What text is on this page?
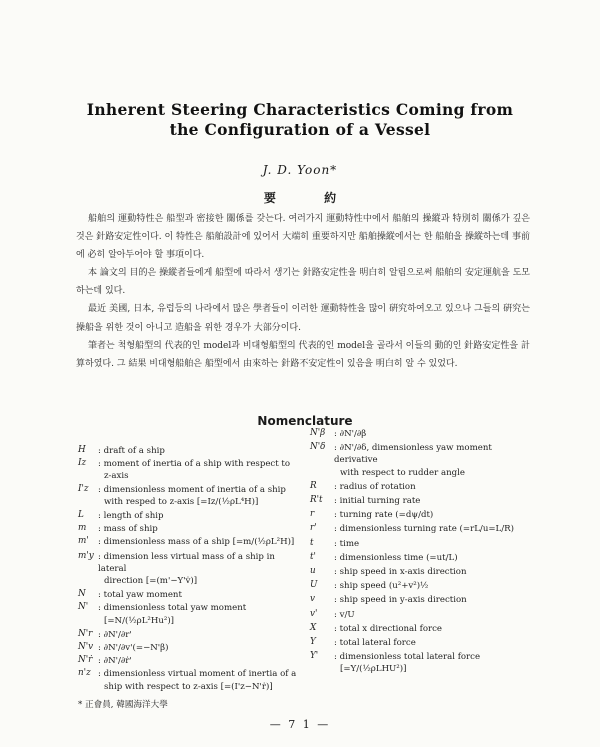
Inherent Steering Characteristics Coming from
the Configuration of a Vessel
J. D. Yoon*
要 約

船舶의 運動特性은 船型과 密接한 關係를 갖는다. 여러가지 運動特性中에서 船舶의 操縱과 特別히 關係가 깊은 것은 針路安定性이다. 이 特性은 船舶設計에 있어서 大端히 重要하지만 船舶操縱에서는 한 船舶을 操縱하는데 事前에 必히 알아두어야 할 事項이다.

本 論文의 目的은 操縱者들에게 船型에 따라서 생기는 針路安定性을 明白히 알림으로써 船舶의 安定運航을 도모하는데 있다.

最近 美國, 日本, 유럽등의 나라에서 많은 學者들이 이러한 運動特性을 많이 硏究하여오고 있으나 그들의 硏究는 操船을 위한 것이 아니고 造船을 위한 경우가 大部分이다.

筆者는 척형船型의 代表的인 model과 비대형船型의 代表的인 model을 골라서 이들의 動的인 針路安定性을 計算하였다. 그 結果 비대형船舶은 船型에서 由來하는 針路不安定性이 있음을 明白히 알 수 있었다.

Nomenclature
H	: draft of a ship
Iz	: moment of inertia of a ship with respect to
z-axis
I'z	: dimensionless moment of inertia of a ship
with resped to z-axis [=Iz/(½ρL⁴H)]
L	: length of ship
m	: mass of ship
m'	: dimensionless mass of a ship [=m/(½ρL²H)]
m'y : dimension less virtual mass of a ship in lateral
direction [=(m'−Y'v̇)]
N	: total yaw moment
N'	: dimensionless total yaw moment
[=N/(½ρL²Hu²)]
N'r : ∂N'/∂r'
N'v : ∂N'/∂v'(=−N'β)
N'ṙ : ∂N'/∂ṙ'
n'z : dimensionless virtual moment of inertia of a
ship with respect to z-axis [=(I'z−N'ṙ)]
N'β	: ∂N'/∂β
N'δ : ∂N'/∂δ, dimensionless yaw moment derivative
with respect to rudder angle
R	: radius of rotation
R't	: initial turning rate
r	: turning rate (=dψ/dt)
r'	: dimensionless turning rate (=rL/u=L/R)
t	: time
t'	: dimensionless time (=ut/L)
u	: ship speed in x-axis direction
U	: ship speed (u²+v²)½
v	: ship speed in y-axis direction
v'	: v/U
X	: total x directional force
Y	: total lateral force
Y'	: dimensionless total lateral force
[=Y/(½ρLHU²)]
* 正會員, 韓國海洋大學
— 7 1 —
